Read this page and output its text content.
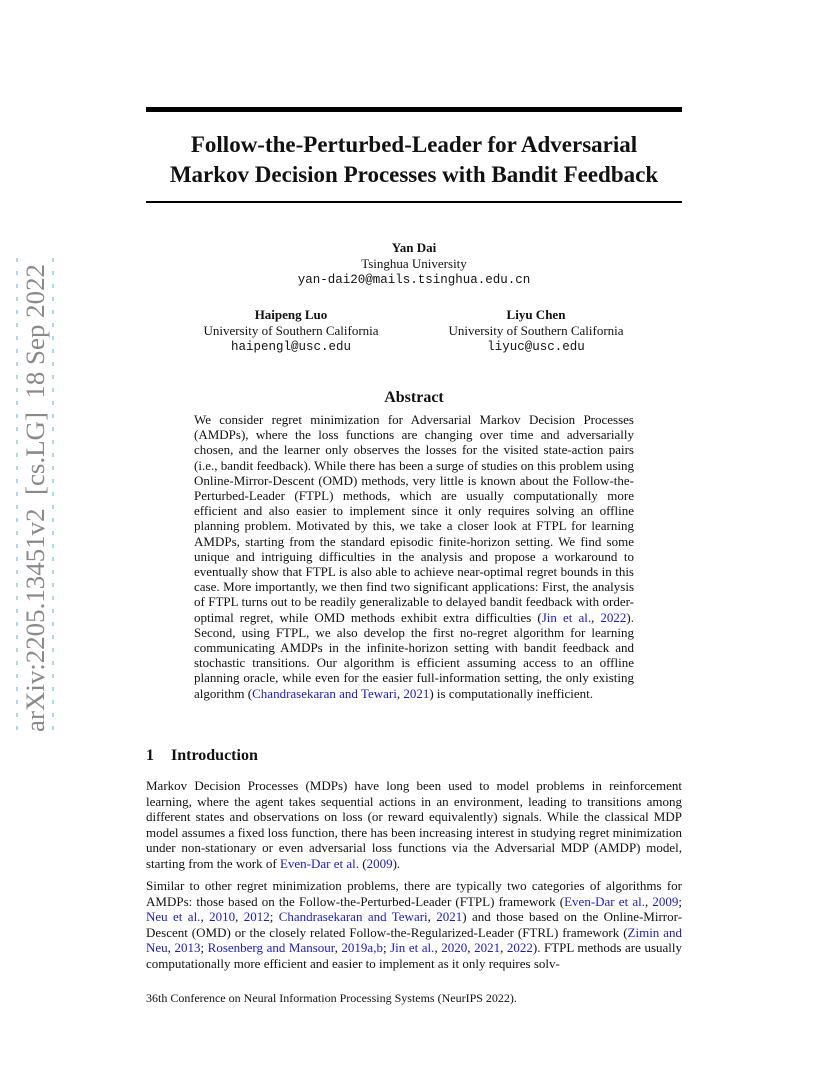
arXiv:2205.13451v2  [cs.LG]  18 Sep 2022
Follow-the-Perturbed-Leader for Adversarial
Markov Decision Processes with Bandit Feedback
Yan Dai
Tsinghua University
yan-dai20@mails.tsinghua.edu.cn
Haipeng Luo
University of Southern California
haipengl@usc.edu
Liyu Chen
University of Southern California
liyuc@usc.edu
Abstract

We consider regret minimization for Adversarial Markov Decision Processes (AMDPs), where the loss functions are changing over time and adversarially chosen, and the learner only observes the losses for the visited state-action pairs (i.e., bandit feedback). While there has been a surge of studies on this problem using Online-Mirror-Descent (OMD) methods, very little is known about the Follow-the-Perturbed-Leader (FTPL) methods, which are usually computationally more efficient and also easier to implement since it only requires solving an offline planning problem. Motivated by this, we take a closer look at FTPL for learning AMDPs, starting from the standard episodic finite-horizon setting. We find some unique and intriguing difficulties in the analysis and propose a workaround to eventually show that FTPL is also able to achieve near-optimal regret bounds in this case. More importantly, we then find two significant applications: First, the analysis of FTPL turns out to be readily generalizable to delayed bandit feedback with order-optimal regret, while OMD methods exhibit extra difficulties (Jin et al., 2022). Second, using FTPL, we also develop the first no-regret algorithm for learning communicating AMDPs in the infinite-horizon setting with bandit feedback and stochastic transitions. Our algorithm is efficient assuming access to an offline planning oracle, while even for the easier full-information setting, the only existing algorithm (Chandrasekaran and Tewari, 2021) is computationally inefficient.

1 Introduction

Markov Decision Processes (MDPs) have long been used to model problems in reinforcement learning, where the agent takes sequential actions in an environment, leading to transitions among different states and observations on loss (or reward equivalently) signals. While the classical MDP model assumes a fixed loss function, there has been increasing interest in studying regret minimization under non-stationary or even adversarial loss functions via the Adversarial MDP (AMDP) model, starting from the work of Even-Dar et al. (2009).

Similar to other regret minimization problems, there are typically two categories of algorithms for AMDPs: those based on the Follow-the-Perturbed-Leader (FTPL) framework (Even-Dar et al., 2009; Neu et al., 2010, 2012; Chandrasekaran and Tewari, 2021) and those based on the Online-Mirror-Descent (OMD) or the closely related Follow-the-Regularized-Leader (FTRL) framework (Zimin and Neu, 2013; Rosenberg and Mansour, 2019a,b; Jin et al., 2020, 2021, 2022). FTPL methods are usually computationally more efficient and easier to implement as it only requires solv-

36th Conference on Neural Information Processing Systems (NeurIPS 2022).
